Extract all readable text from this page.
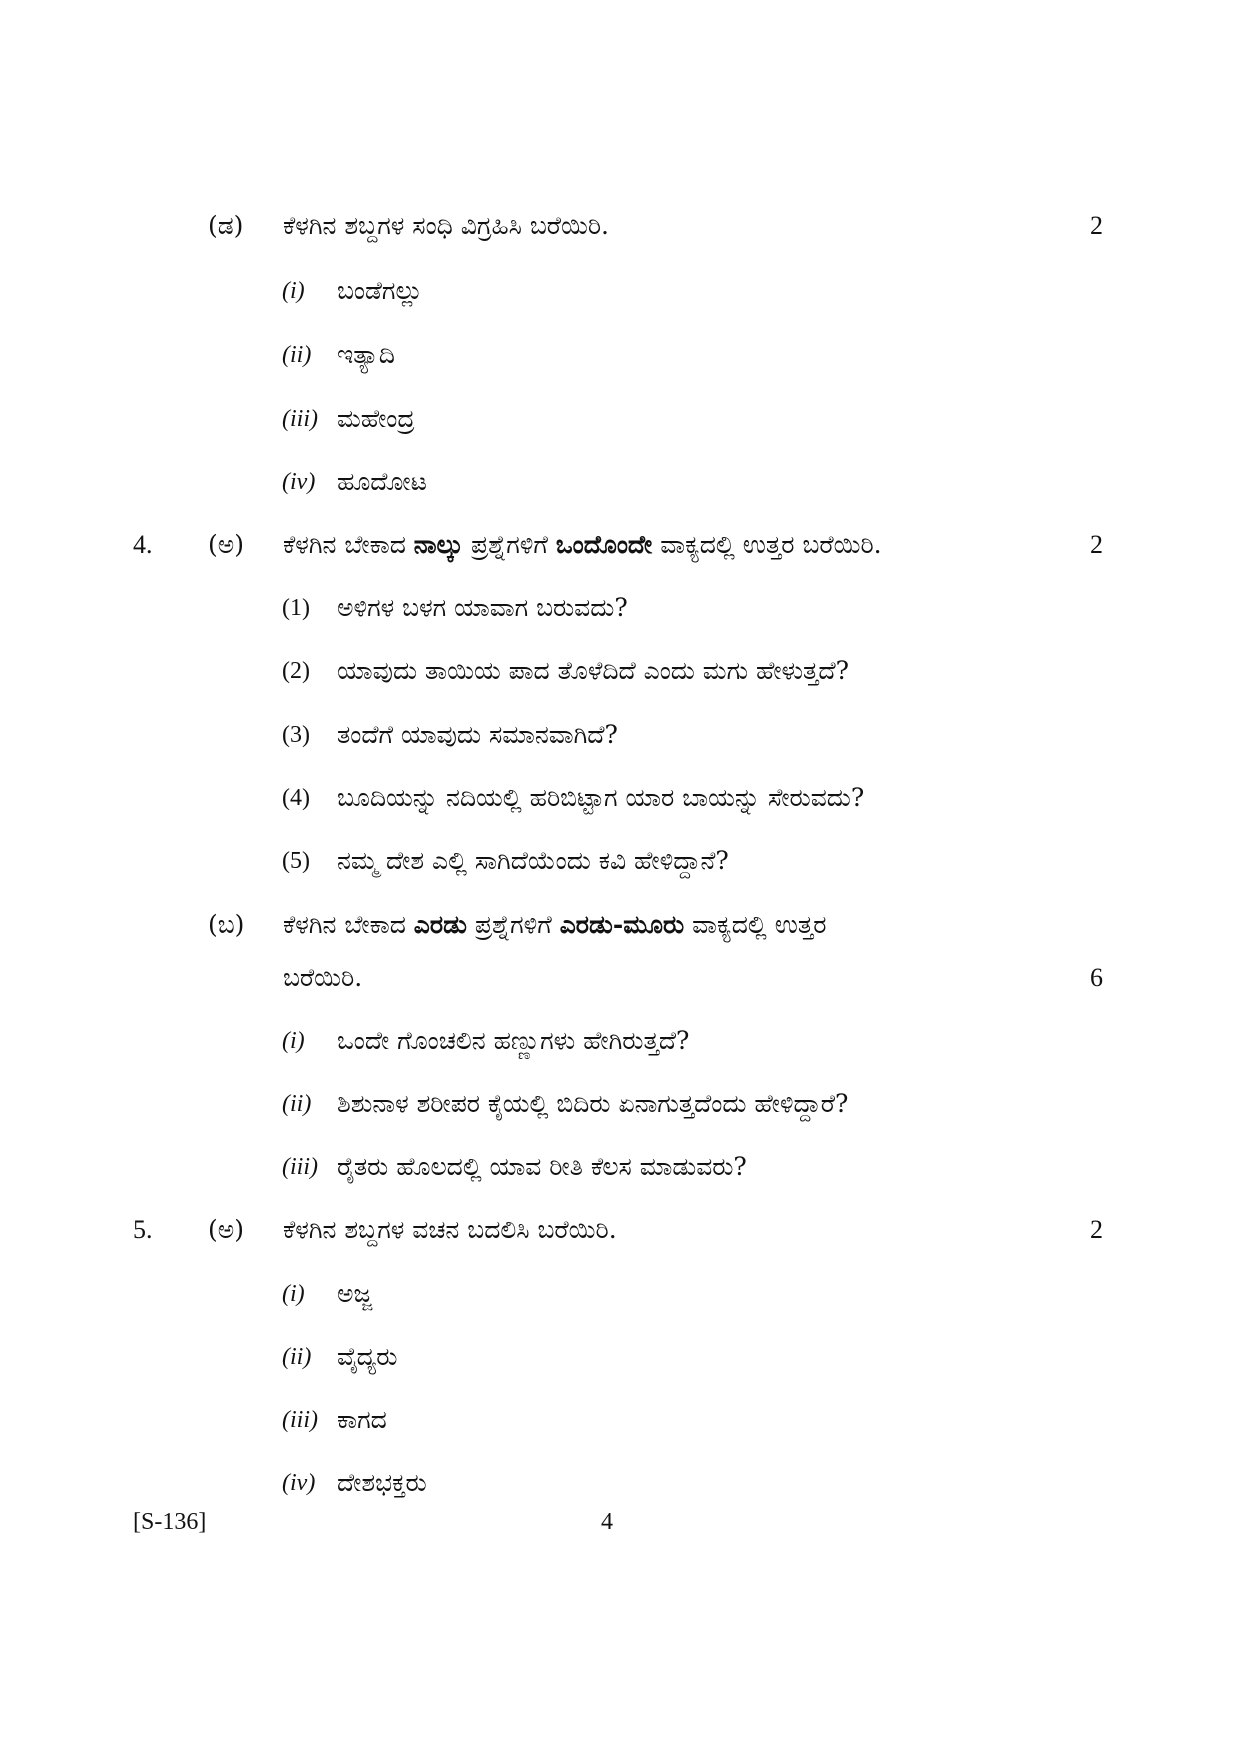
(ಡ) ಕೆಳಗಿನ ಶಬ್ದಗಳ ಸಂಧಿ ವಿಗ್ರಹಿಸಿ ಬರೆಯಿರಿ.	2
(i) ಬಂಡೆಗಲ್ಲು
(ii) ಇತ್ಯಾದಿ
(iii) ಮಹೇಂದ್ರ
(iv) ಹೂದೋಟ
4. (ಅ) ಕೆಳಗಿನ ಬೇಕಾದ ನಾಲ್ಕು ಪ್ರಶ್ನೆಗಳಿಗೆ ಒಂದೊಂದೇ ವಾಕ್ಯದಲ್ಲಿ ಉತ್ತರ ಬರೆಯಿರಿ.	2
(1) ಅಳಿಗಳ ಬಳಗ ಯಾವಾಗ ಬರುವದು?
(2) ಯಾವುದು ತಾಯಿಯ ಪಾದ ತೊಳೆದಿದೆ ಎಂದು ಮಗು ಹೇಳುತ್ತದೆ?
(3) ತಂದೆಗೆ ಯಾವುದು ಸಮಾನವಾಗಿದೆ?
(4) ಬೂದಿಯನ್ನು ನದಿಯಲ್ಲಿ ಹರಿಬಿಟ್ಟಾಗ ಯಾರ ಬಾಯನ್ನು ಸೇರುವದು?
(5) ನಮ್ಮ ದೇಶ ಎಲ್ಲಿ ಸಾಗಿದೆಯೆಂದು ಕವಿ ಹೇಳಿದ್ದಾನೆ?
(ಬ) ಕೆಳಗಿನ ಬೇಕಾದ ಎರಡು ಪ್ರಶ್ನೆಗಳಿಗೆ ಎರಡು-ಮೂರು ವಾಕ್ಯದಲ್ಲಿ ಉತ್ತರ
ಬರೆಯಿರಿ.	6
(i) ಒಂದೇ ಗೊಂಚಲಿನ ಹಣ್ಣುಗಳು ಹೇಗಿರುತ್ತದೆ?
(ii) ಶಿಶುನಾಳ ಶರೀಪರ ಕೈಯಲ್ಲಿ ಬಿದಿರು ಏನಾಗುತ್ತದೆಂದು ಹೇಳಿದ್ದಾರೆ?
(iii) ರೈತರು ಹೊಲದಲ್ಲಿ ಯಾವ ರೀತಿ ಕೆಲಸ ಮಾಡುವರು?
5. (ಅ) ಕೆಳಗಿನ ಶಬ್ದಗಳ ವಚನ ಬದಲಿಸಿ ಬರೆಯಿರಿ.	2
(i) ಅಜ್ಜ
(ii) ವೈದ್ಯರು
(iii) ಕಾಗದ
(iv) ದೇಶಭಕ್ತರು
[S-136]	4
